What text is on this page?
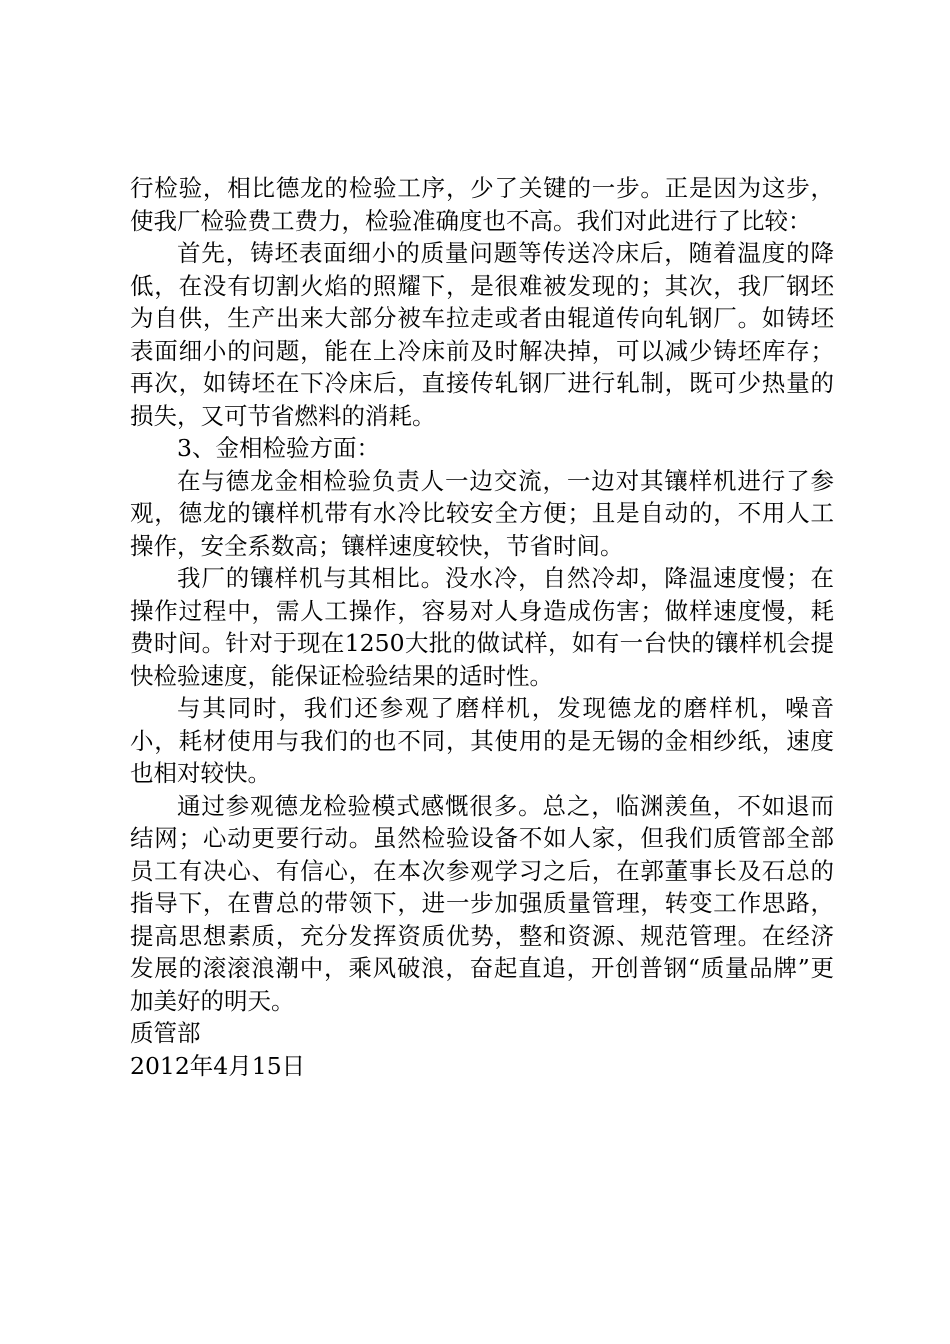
行检验，相比德龙的检验工序，少了关键的一步。正是因为这步，使我厂检验费工费力，检验准确度也不高。我们对此进行了比较：

首先，铸坯表面细小的质量问题等传送冷床后，随着温度的降低，在没有切割火焰的照耀下，是很难被发现的；其次，我厂钢坯为自供，生产出来大部分被车拉走或者由辊道传向轧钢厂。如铸坯表面细小的问题，能在上冷床前及时解决掉，可以减少铸坯库存；再次，如铸坯在下冷床后，直接传轧钢厂进行轧制，既可少热量的损失，又可节省燃料的消耗。

3、金相检验方面：

在与德龙金相检验负责人一边交流，一边对其镶样机进行了参观，德龙的镶样机带有水冷比较安全方便；且是自动的，不用人工操作，安全系数高；镶样速度较快，节省时间。

我厂的镶样机与其相比。没水冷，自然冷却，降温速度慢；在操作过程中，需人工操作，容易对人身造成伤害；做样速度慢，耗费时间。针对于现在1250大批的做试样，如有一台快的镶样机会提快检验速度，能保证检验结果的适时性。

与其同时，我们还参观了磨样机，发现德龙的磨样机，噪音小，耗材使用与我们的也不同，其使用的是无锡的金相纱纸，速度也相对较快。

通过参观德龙检验模式感慨很多。总之，临渊羡鱼，不如退而结网；心动更要行动。虽然检验设备不如人家，但我们质管部全部员工有决心、有信心，在本次参观学习之后，在郭董事长及石总的指导下，在曹总的带领下，进一步加强质量管理，转变工作思路，提高思想素质，充分发挥资质优势，整和资源、规范管理。在经济发展的滚滚浪潮中，乘风破浪，奋起直追，开创普钢“质量品牌”更加美好的明天。

质管部

2012年4月15日
